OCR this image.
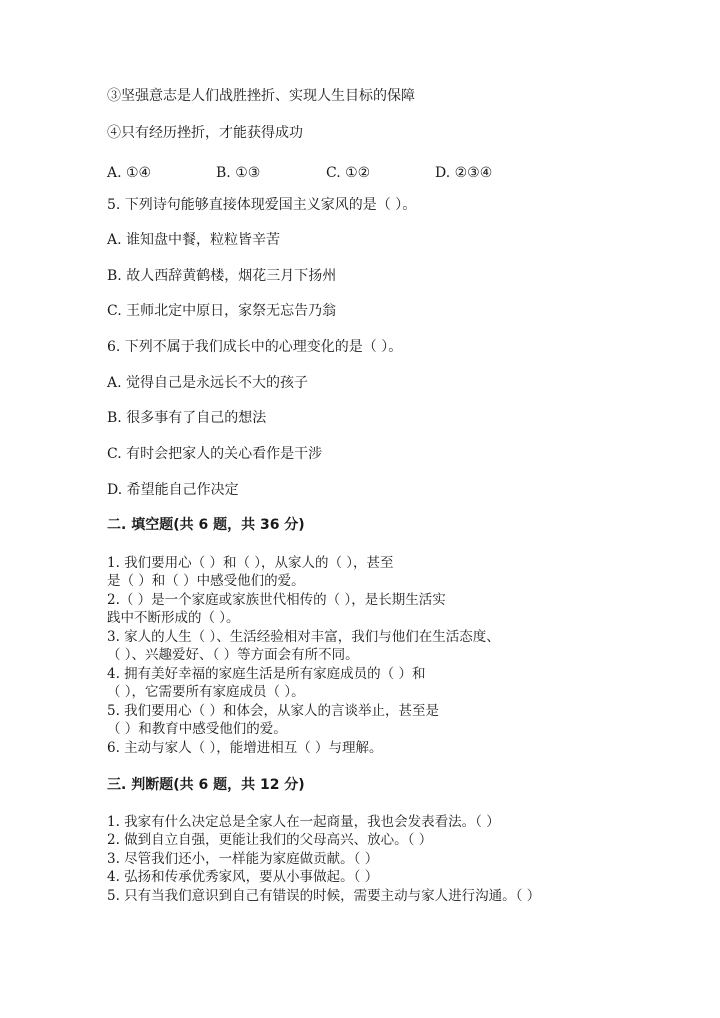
③坚强意志是人们战胜挫折、实现人生目标的保障
④只有经历挫折，才能获得成功
A. ①④	B. ①③	C. ①②	D. ②③④
5. 下列诗句能够直接体现爱国主义家风的是（ ）。
A. 谁知盘中餐，粒粒皆辛苦
B. 故人西辞黄鹤楼，烟花三月下扬州
C. 王师北定中原日，家祭无忘告乃翁
6. 下列不属于我们成长中的心理变化的是（ ）。
A. 觉得自己是永远长不大的孩子
B. 很多事有了自己的想法
C. 有时会把家人的关心看作是干涉
D. 希望能自己作决定
二. 填空题(共 6 题，共 36 分)
1. 我们要用心（ ）和（ ），从家人的（ ），甚至
是（ ）和（ ）中感受他们的爱。
2.（ ）是一个家庭或家族世代相传的（ ），是长期生活实
践中不断形成的（ ）。
3. 家人的人生（ ）、生活经验相对丰富，我们与他们在生活态度、
（ ）、兴趣爱好、（ ）等方面会有所不同。
4. 拥有美好幸福的家庭生活是所有家庭成员的（ ）和
（ ），它需要所有家庭成员（ ）。
5. 我们要用心（ ）和体会，从家人的言谈举止，甚至是
（ ）和教育中感受他们的爱。
6. 主动与家人（ ），能增进相互（ ）与理解。
三. 判断题(共 6 题，共 12 分)
1. 我家有什么决定总是全家人在一起商量，我也会发表看法。（ ）
2. 做到自立自强，更能让我们的父母高兴、放心。（ ）
3. 尽管我们还小，一样能为家庭做贡献。（ ）
4. 弘扬和传承优秀家风，要从小事做起。（ ）
5. 只有当我们意识到自己有错误的时候，需要主动与家人进行沟通。（ ）
